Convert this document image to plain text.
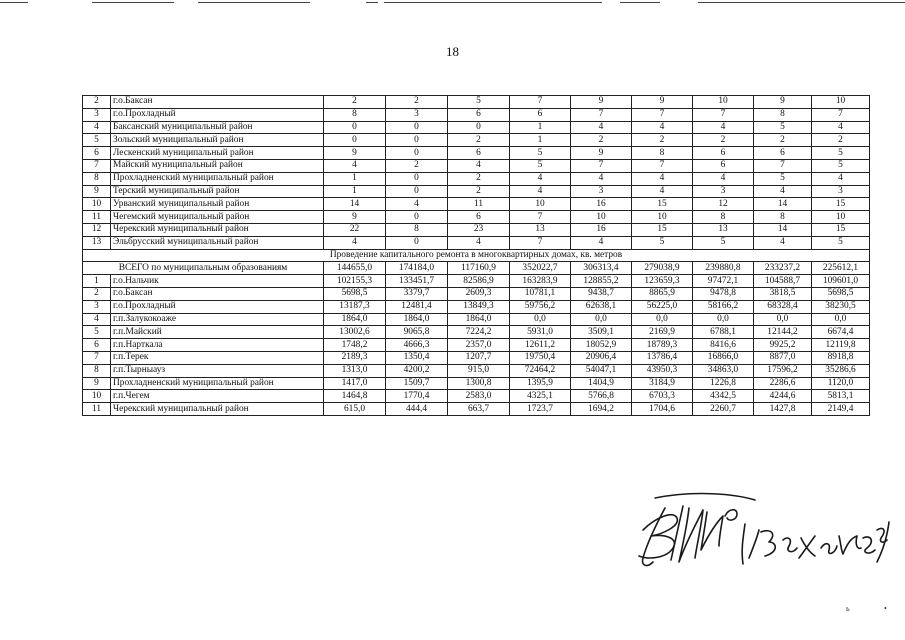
18
2	г.о.Баксан	2	2	5	7	9	9	10	9	10
3	г.о.Прохладный	8	3	6	6	7	7	7	8	7
4	Баксанский муниципальный район	0	0	0	1	4	4	4	5	4
5	Зольский муниципальный район	0	0	2	1	2	2	2	2	2
6	Лескенский муниципальный район	9	0	6	5	9	8	6	6	5
7	Майский муниципальный район	4	2	4	5	7	7	6	7	5
8	Прохладненский муниципальный район	1	0	2	4	4	4	4	5	4
9	Терский муниципальный район	1	0	2	4	3	4	3	4	3
10	Урванский муниципальный район	14	4	11	10	16	15	12	14	15
11	Чегемский муниципальный район	9	0	6	7	10	10	8	8	10
12	Черекский муниципальный район	22	8	23	13	16	15	13	14	15
13	Эльбрусский муниципальный район	4	0	4	7	4	5	5	4	5
Проведение капитального ремонта в многоквартирных домах, кв. метров										
ВСЕГО по муниципальным образованиям		144655,0	174184,0	117160,9	352022,7	306313,4	279038,9	239880,8	233237,2	225612,1
1	г.о.Нальчик	102155,3	133451,7	82586,9	163283,9	128855,2	123659,3	97472,1	104588,7	109601,0
2	г.о.Баксан	5698,5	3379,7	2609,3	10781,1	9438,7	8865,9	9478,8	3818,5	5698,5
3	г.о.Прохладный	13187,3	12481,4	13849,3	59756,2	62638,1	56225,0	58166,2	68328,4	38230,5
4	г.п.Залукокоаже	1864,0	1864,0	1864,0	0,0	0,0	0,0	0,0	0,0	0,0
5	г.п.Майский	13002,6	9065,8	7224,2	5931,0	3509,1	2169,9	6788,1	12144,2	6674,4
6	г.п.Нарткала	1748,2	4666,3	2357,0	12611,2	18052,9	18789,3	8416,6	9925,2	12119,8
7	г.п.Терек	2189,3	1350,4	1207,7	19750,4	20906,4	13786,4	16866,0	8877,0	8918,8
8	г.п.Тырныауз	1313,0	4200,2	915,0	72464,2	54047,1	43950,3	34863,0	17596,2	35286,6
9	Прохладненский муниципальный район	1417,0	1509,7	1300,8	1395,9	1404,9	3184,9	1226,8	2286,6	1120,0
10	г.п.Чегем	1464,8	1770,4	2583,0	4325,1	5766,8	6703,3	4342,5	4244,6	5813,1
11	Черекский муниципальный район	615,0	444,4	663,7	1723,7	1694,2	1704,6	2260,7	1427,8	2149,4
ь	•
